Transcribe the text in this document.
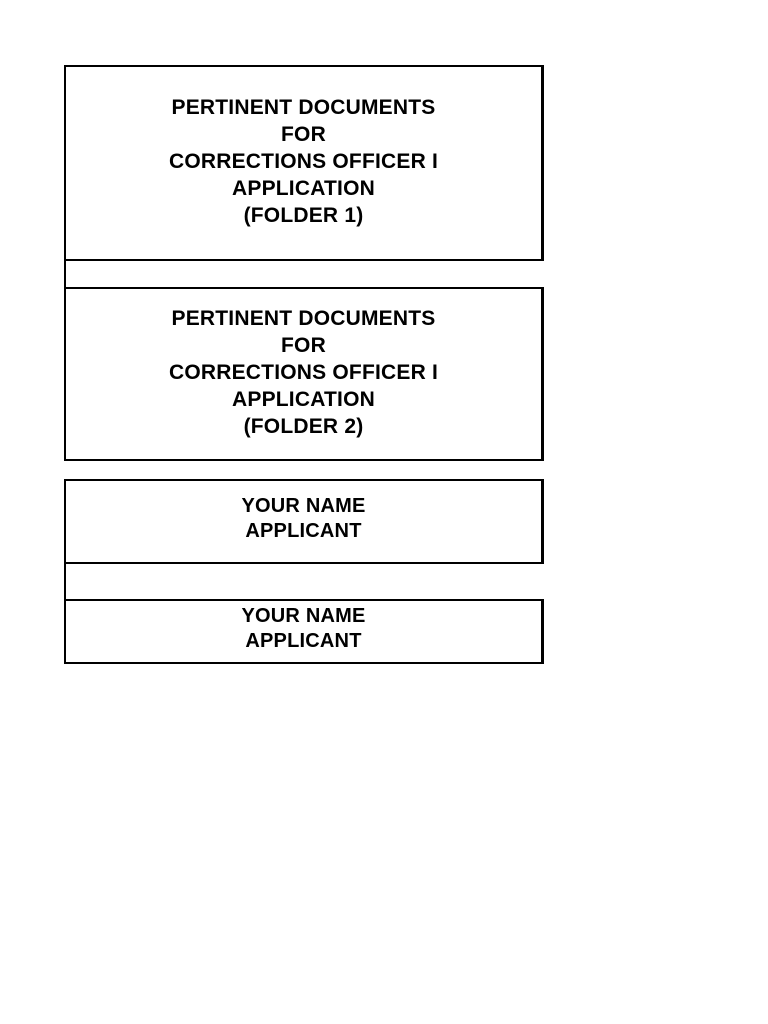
PERTINENT DOCUMENTS
FOR
CORRECTIONS OFFICER I
APPLICATION
(FOLDER 1)
PERTINENT DOCUMENTS
FOR
CORRECTIONS OFFICER I
APPLICATION
(FOLDER 2)
YOUR NAME
APPLICANT
YOUR NAME
APPLICANT
